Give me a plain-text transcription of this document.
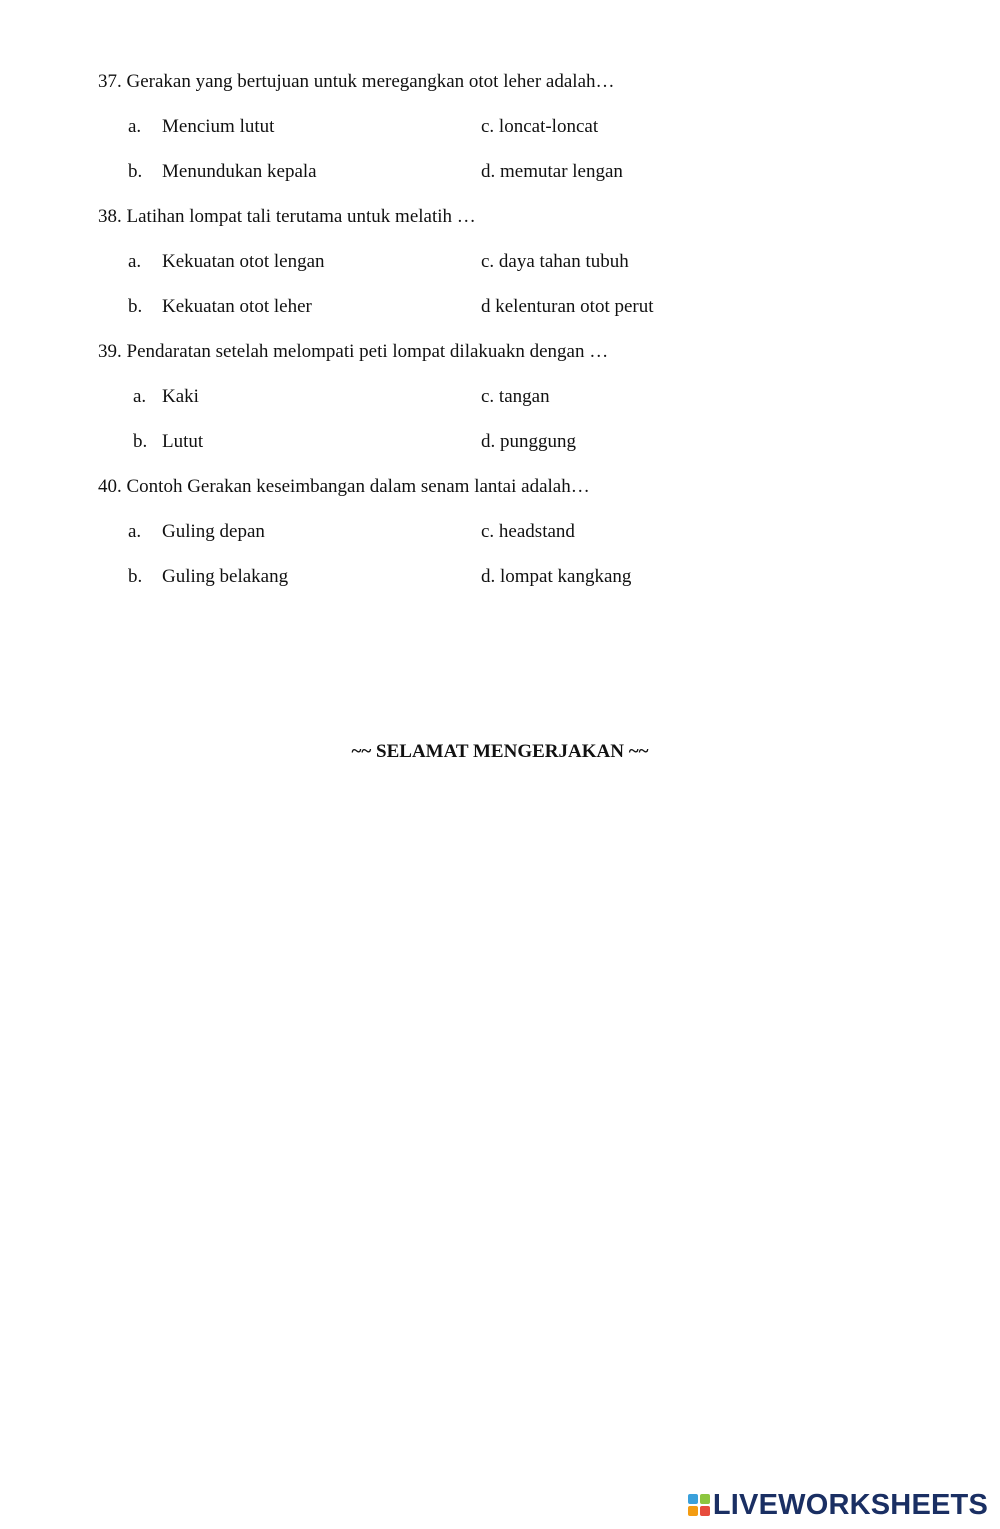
37. Gerakan yang bertujuan untuk meregangkan otot leher adalah…
a. Mencium lutut	c. loncat-loncat
b. Menundukan kepala	d. memutar lengan
38. Latihan lompat tali terutama untuk melatih …
a. Kekuatan otot lengan	c. daya tahan tubuh
b. Kekuatan otot leher	d kelenturan otot perut
39. Pendaratan setelah melompati peti lompat dilakuakn dengan …
a. Kaki	c. tangan
b. Lutut	d. punggung
40. Contoh Gerakan keseimbangan dalam senam lantai adalah…
a. Guling depan	c. headstand
b. Guling belakang	d. lompat kangkang
~~ SELAMAT MENGERJAKAN ~~
LIVEWORKSHEETS
